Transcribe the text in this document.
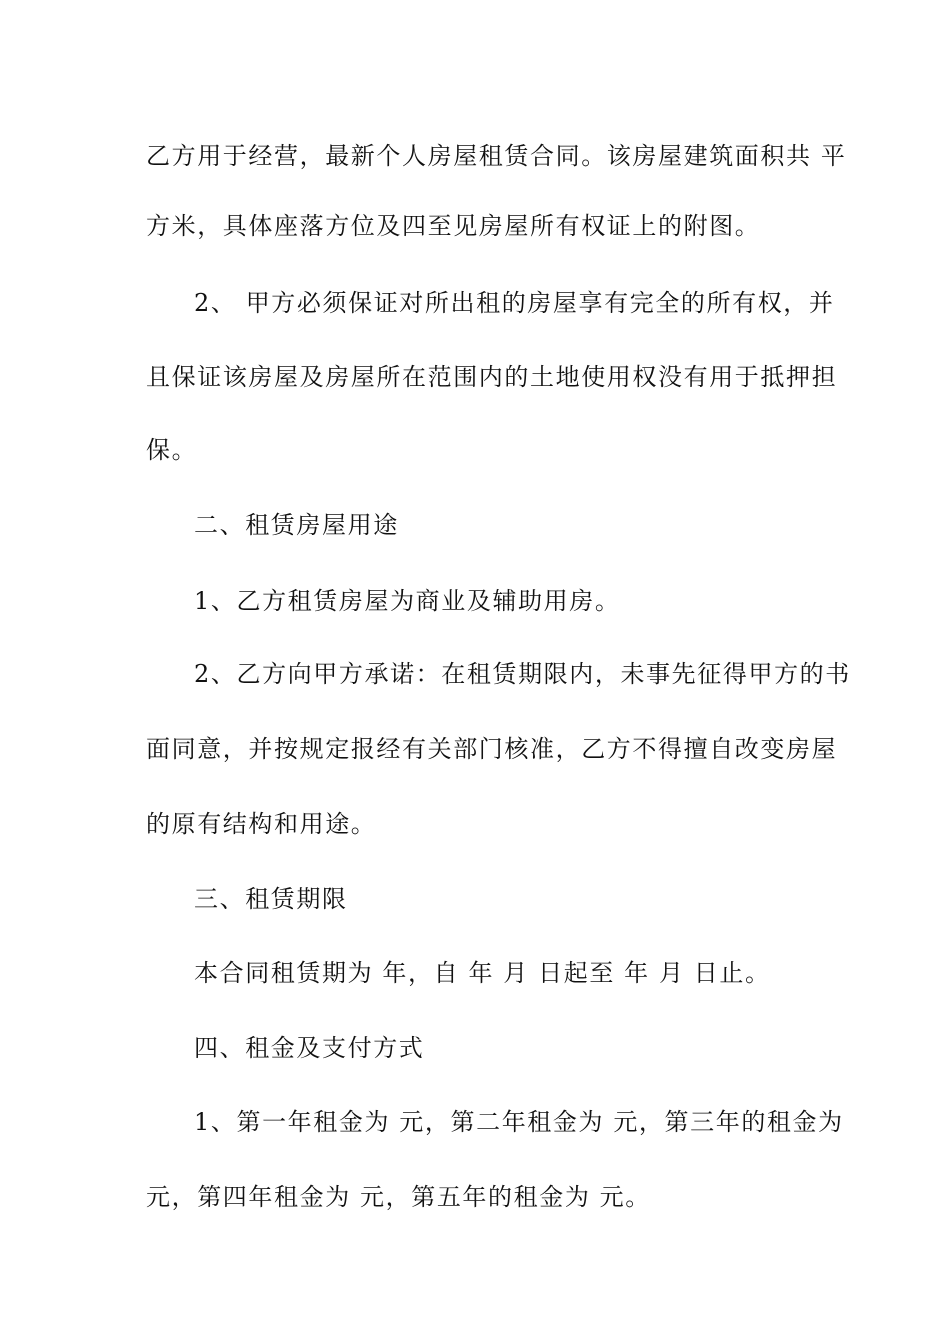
乙方用于经营，最新个人房屋租赁合同。该房屋建筑面积共 平
方米，具体座落方位及四至见房屋所有权证上的附图。
2、 甲方必须保证对所出租的房屋享有完全的所有权，并
且保证该房屋及房屋所在范围内的土地使用权没有用于抵押担
保。
二、租赁房屋用途
1、乙方租赁房屋为商业及辅助用房。
2、乙方向甲方承诺：在租赁期限内，未事先征得甲方的书
面同意，并按规定报经有关部门核准，乙方不得擅自改变房屋
的原有结构和用途。
三、租赁期限
本合同租赁期为 年，自 年 月 日起至 年 月 日止。
四、租金及支付方式
1、第一年租金为 元，第二年租金为 元，第三年的租金为
元，第四年租金为 元，第五年的租金为 元。
